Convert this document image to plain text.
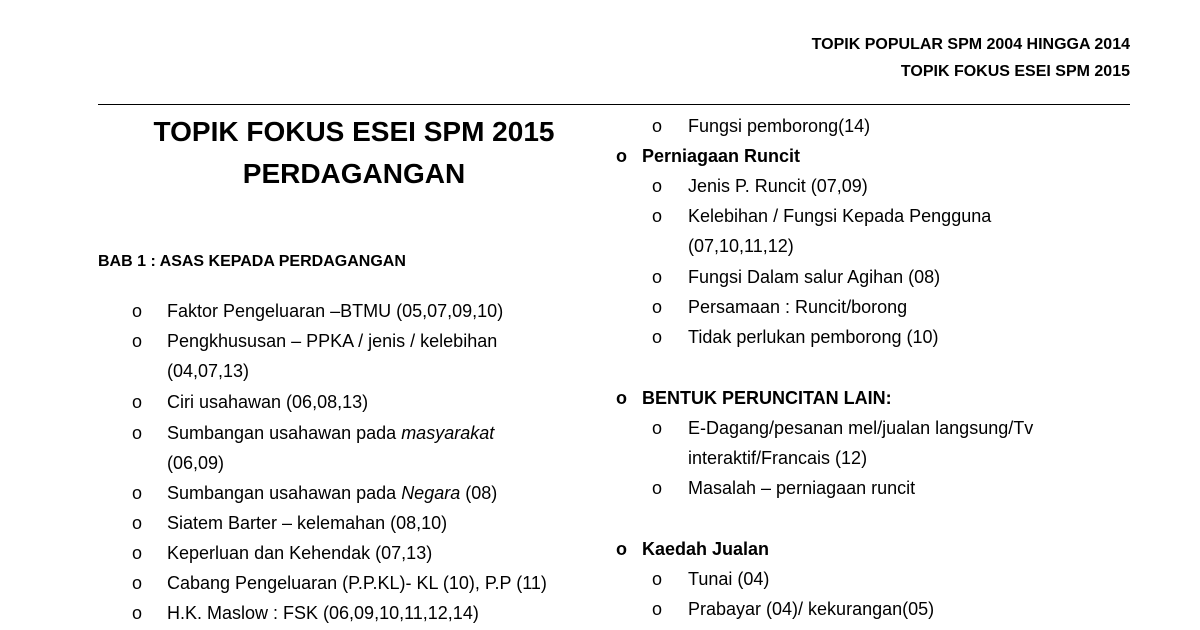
TOPIK POPULAR SPM 2004 HINGGA 2014
TOPIK FOKUS ESEI SPM 2015
TOPIK FOKUS ESEI SPM 2015
PERDAGANGAN
BAB 1 : ASAS KEPADA PERDAGANGAN
o Faktor Pengeluaran –BTMU (05,07,09,10)
o Pengkhususan – PPKA / jenis / kelebihan
(04,07,13)
o Ciri usahawan (06,08,13)
o Sumbangan usahawan pada masyarakat
(06,09)
o Sumbangan usahawan pada Negara (08)
o Siatem Barter – kelemahan (08,10)
o Keperluan dan Kehendak (07,13)
o Cabang Pengeluaran (P.P.KL)- KL (10), P.P (11)
o H.K. Maslow : FSK (06,09,10,11,12,14)
o Fungsi pemborong(14)
o Perniagaan Runcit
o Jenis P. Runcit (07,09)
o Kelebihan / Fungsi Kepada Pengguna
(07,10,11,12)
o Fungsi Dalam salur Agihan (08)
o Persamaan : Runcit/borong
o Tidak perlukan pemborong (10)
o BENTUK PERUNCITAN LAIN:
o E-Dagang/pesanan mel/jualan langsung/Tv
interaktif/Francais (12)
o Masalah – perniagaan runcit
o Kaedah Jualan
o Tunai (04)
o Prabayar (04)/ kekurangan(05)
